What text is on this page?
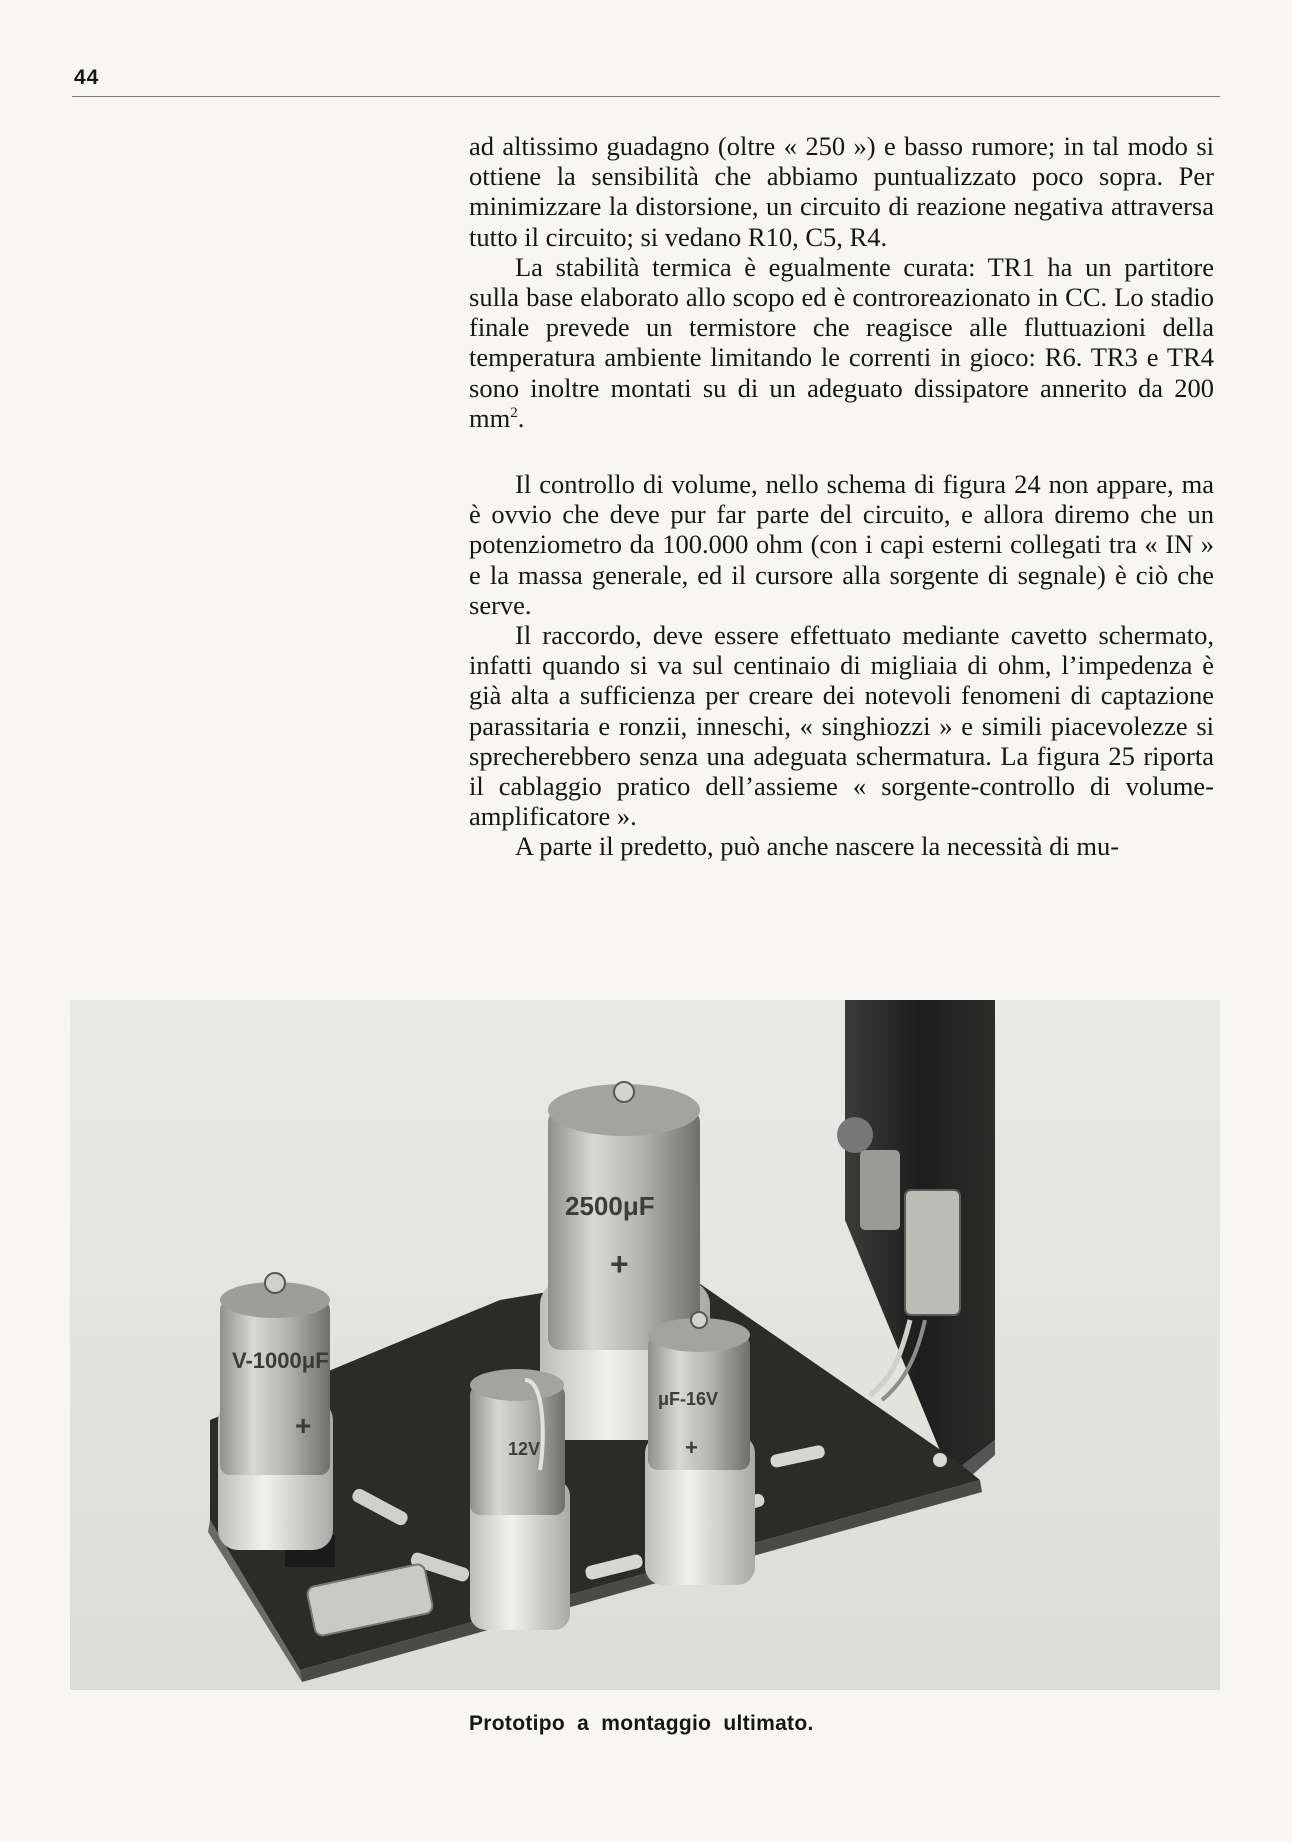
44

ad altissimo guadagno (oltre « 250 ») e basso rumore; in tal modo si ottiene la sensibilità che abbiamo puntualizzato poco sopra. Per minimizzare la distorsione, un circuito di reazione negativa attraversa tutto il circuito; si vedano R10, C5, R4.

La stabilità termica è egualmente curata: TR1 ha un partitore sulla base elaborato allo scopo ed è controreazionato in CC. Lo stadio finale prevede un termistore che reagisce alle fluttuazioni della temperatura ambiente limitando le correnti in gioco: R6. TR3 e TR4 sono inoltre montati su di un adeguato dissipatore annerito da 200 $mm^2$.

Il controllo di volume, nello schema di figura 24 non appare, ma è ovvio che deve pur far parte del circuito, e allora diremo che un potenziometro da 100.000 ohm (con i capi esterni collegati tra « IN » e la massa generale, ed il cursore alla sorgente di segnale) è ciò che serve.

Il raccordo, deve essere effettuato mediante cavetto schermato, infatti quando si va sul centinaio di migliaia di ohm, l’impedenza è già alta a sufficienza per creare dei notevoli fenomeni di captazione parassitaria e ronzii, inneschi, « singhiozzi » e simili piacevolezze si sprecherebbero senza una adeguata schermatura. La figura 25 riporta il cablaggio pratico dell’assieme « sorgente-controllo di volume-amplificatore ».

A parte il predetto, può anche nascere la necessità di mu-

V-1000μF
+
2500μF
+
12V
μF-16V
+
Prototipo a montaggio ultimato.
